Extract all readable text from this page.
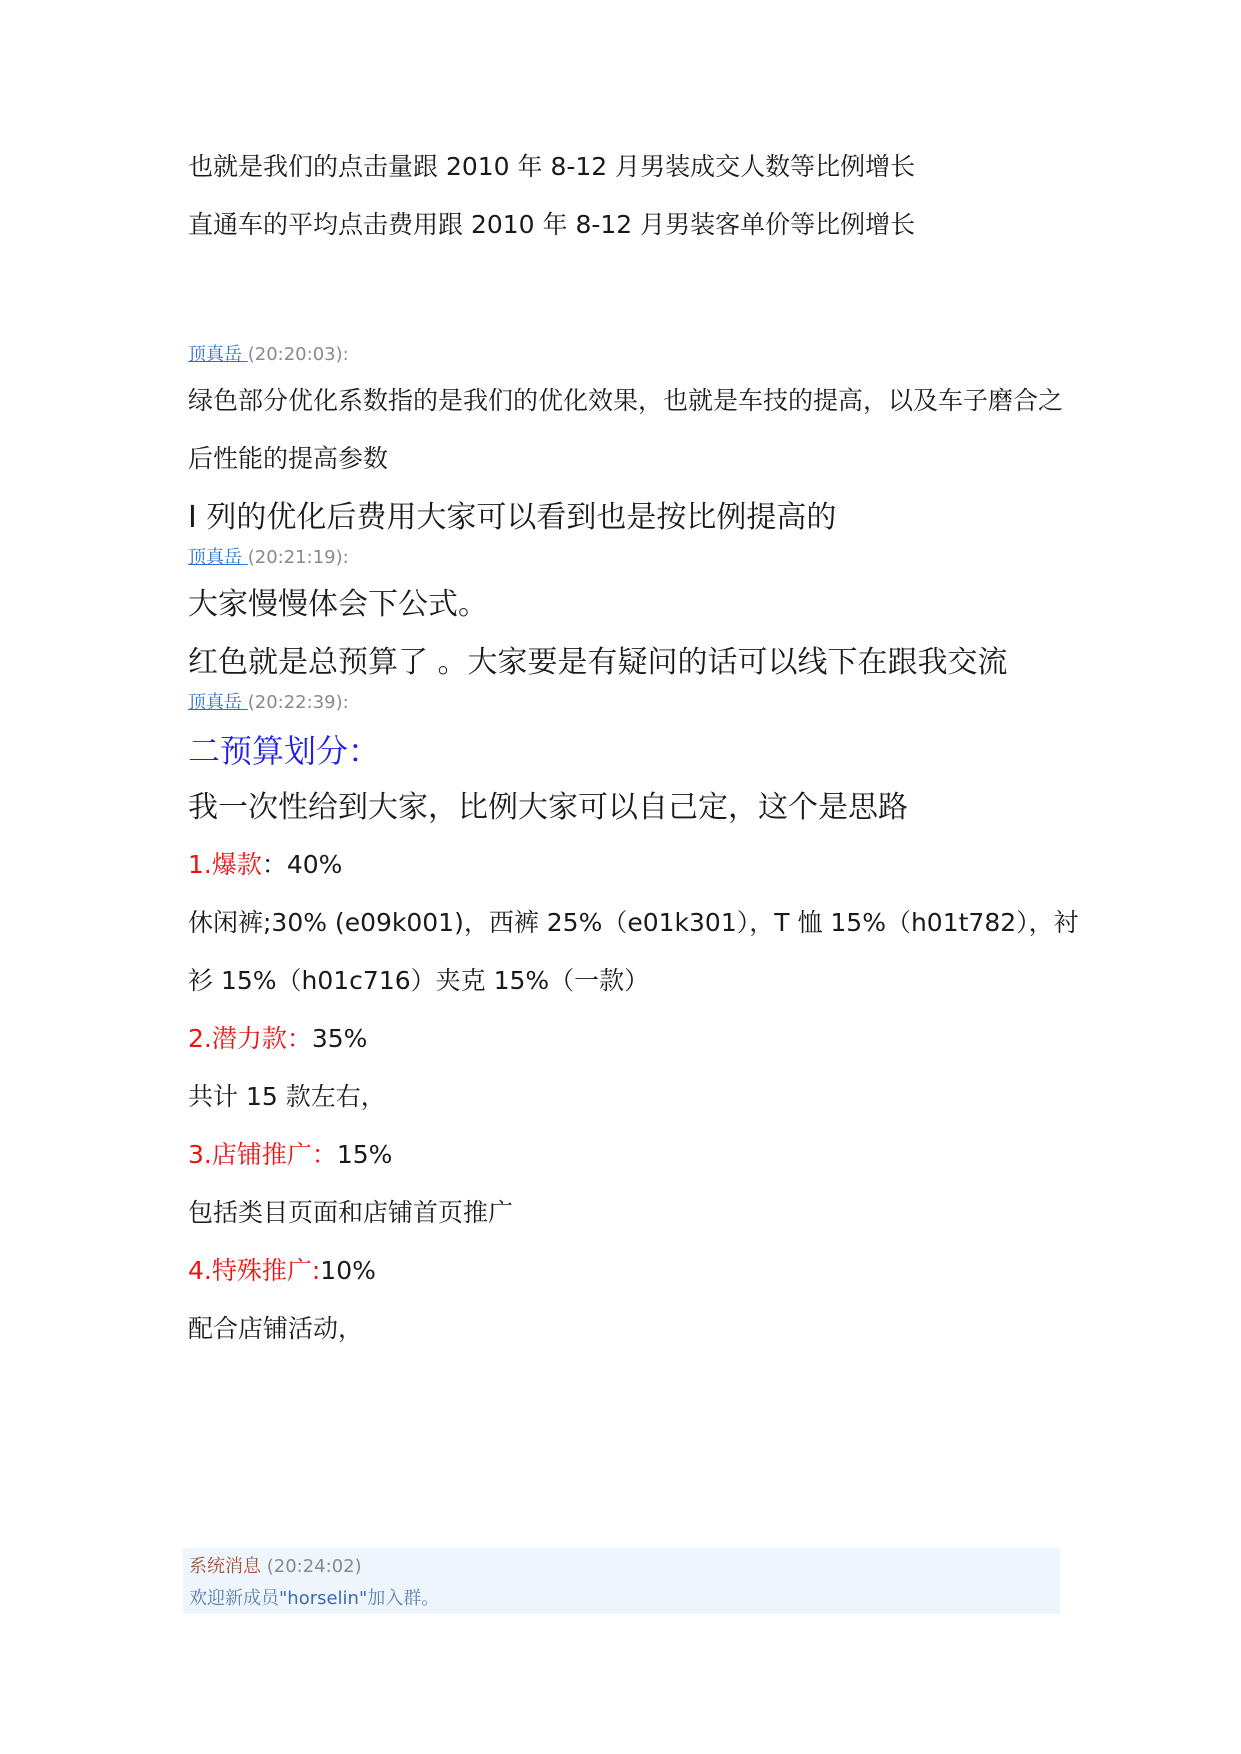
也就是我们的点击量跟 2010 年 8-12 月男装成交人数等比例增长
直通车的平均点击费用跟 2010 年 8-12 月男装客单价等比例增长
顶真岳 (20:20:03):
绿色部分优化系数指的是我们的优化效果，也就是车技的提高，以及车子磨合之
后性能的提高参数
I 列的优化后费用大家可以看到也是按比例提高的
顶真岳 (20:21:19):
大家慢慢体会下公式。
红色就是总预算了 。大家要是有疑问的话可以线下在跟我交流
顶真岳 (20:22:39):
二预算划分：
我一次性给到大家，比例大家可以自己定，这个是思路
1.爆款：40%
休闲裤;30% (e09k001)，西裤 25%（e01k301），T 恤 15%（h01t782），衬
衫 15%（h01c716）夹克 15%（一款）
2.潜力款：35%
共计 15 款左右，
3.店铺推广：15%
包括类目页面和店铺首页推广
4.特殊推广:10%
配合店铺活动，
系统消息 (20:24:02)
欢迎新成员"horselin"加入群。
